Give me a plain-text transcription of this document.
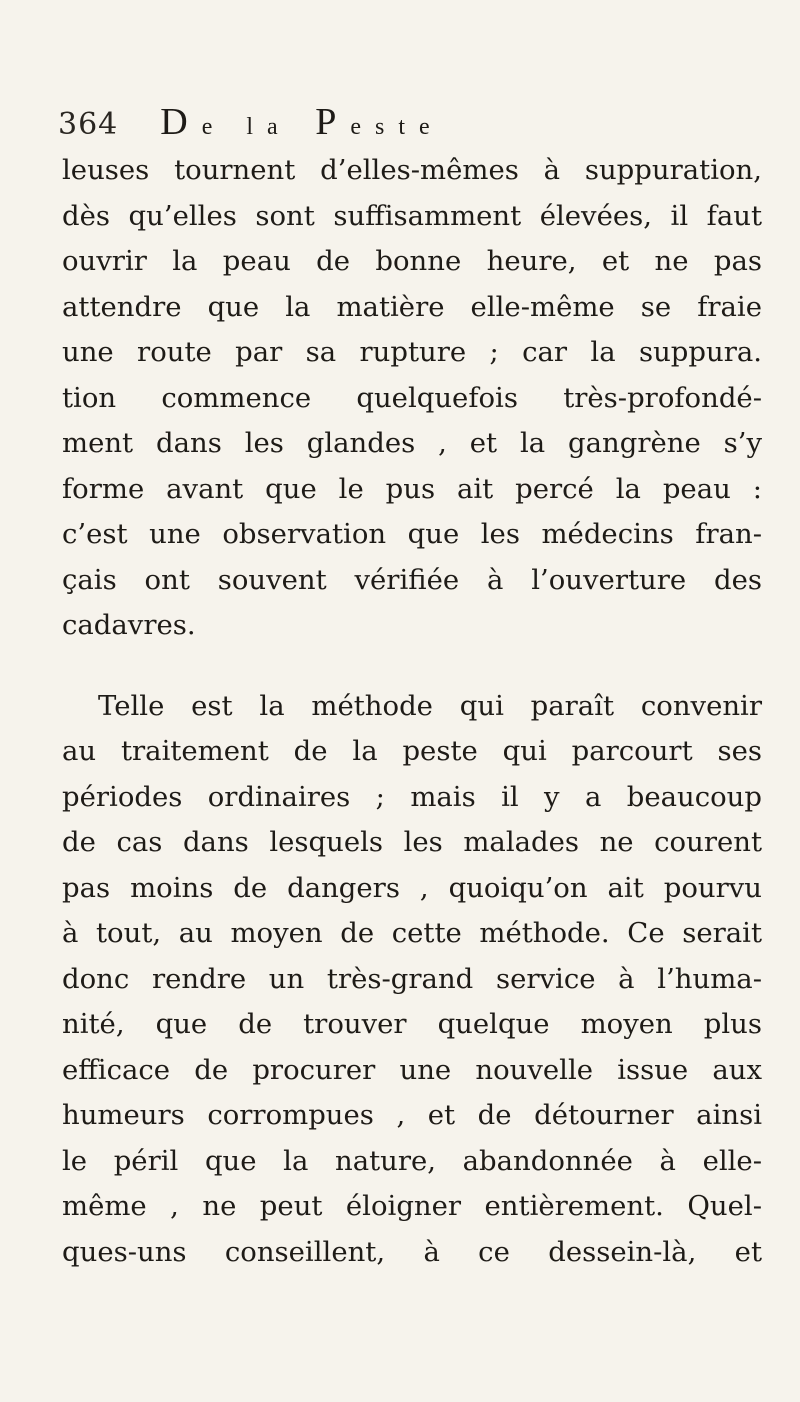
364 De la Peste
leuses tournent d’elles-mêmes à suppuration,
dès qu’elles sont suffisamment élevées, il faut
ouvrir la peau de bonne heure, et ne pas
attendre que la matière elle-même se fraie
une route par sa rupture ; car la suppura.
tion commence quelquefois très-profondé-
ment dans les glandes , et la gangrène s’y
forme avant que le pus ait percé la peau :
c’est une observation que les médecins fran-
çais ont souvent vérifiée à l’ouverture des
cadavres.
Telle est la méthode qui paraît convenir
au traitement de la peste qui parcourt ses
périodes ordinaires ; mais il y a beaucoup
de cas dans lesquels les malades ne courent
pas moins de dangers , quoiqu’on ait pourvu
à tout, au moyen de cette méthode. Ce serait
donc rendre un très-grand service à l’huma-
nité, que de trouver quelque moyen plus
efficace de procurer une nouvelle issue aux
humeurs corrompues , et de détourner ainsi
le péril que la nature, abandonnée à elle-
même , ne peut éloigner entièrement. Quel-
ques-uns conseillent, à ce dessein-là, et
